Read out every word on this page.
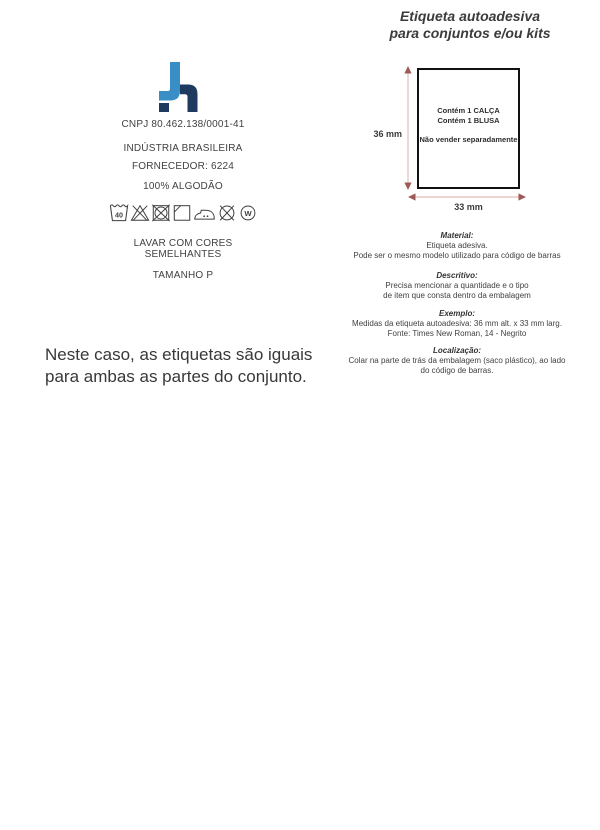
Etiqueta autoadesiva
para conjuntos e/ou kits
CNPJ 80.462.138/0001-41
INDÚSTRIA BRASILEIRA
FORNECEDOR: 6224
100% ALGODÃO
40	W
LAVAR COM CORES
SEMELHANTES
TAMANHO P
Neste caso, as etiquetas são iguais
para ambas as partes do conjunto.
Contém 1 CALÇA
Contém 1 BLUSA
Não vender separadamente
36 mm
33 mm
Material:
Etiqueta adesiva.
Pode ser o mesmo modelo utilizado para código de barras
Descritivo:
Precisa mencionar a quantidade e o tipo
de item que consta dentro da embalagem
Exemplo:
Medidas da etiqueta autoadesiva: 36 mm alt. x 33 mm larg.
Fonte: Times New Roman, 14 - Negrito
Localização:
Colar na parte de trás da embalagem (saco plástico), ao lado
do código de barras.
